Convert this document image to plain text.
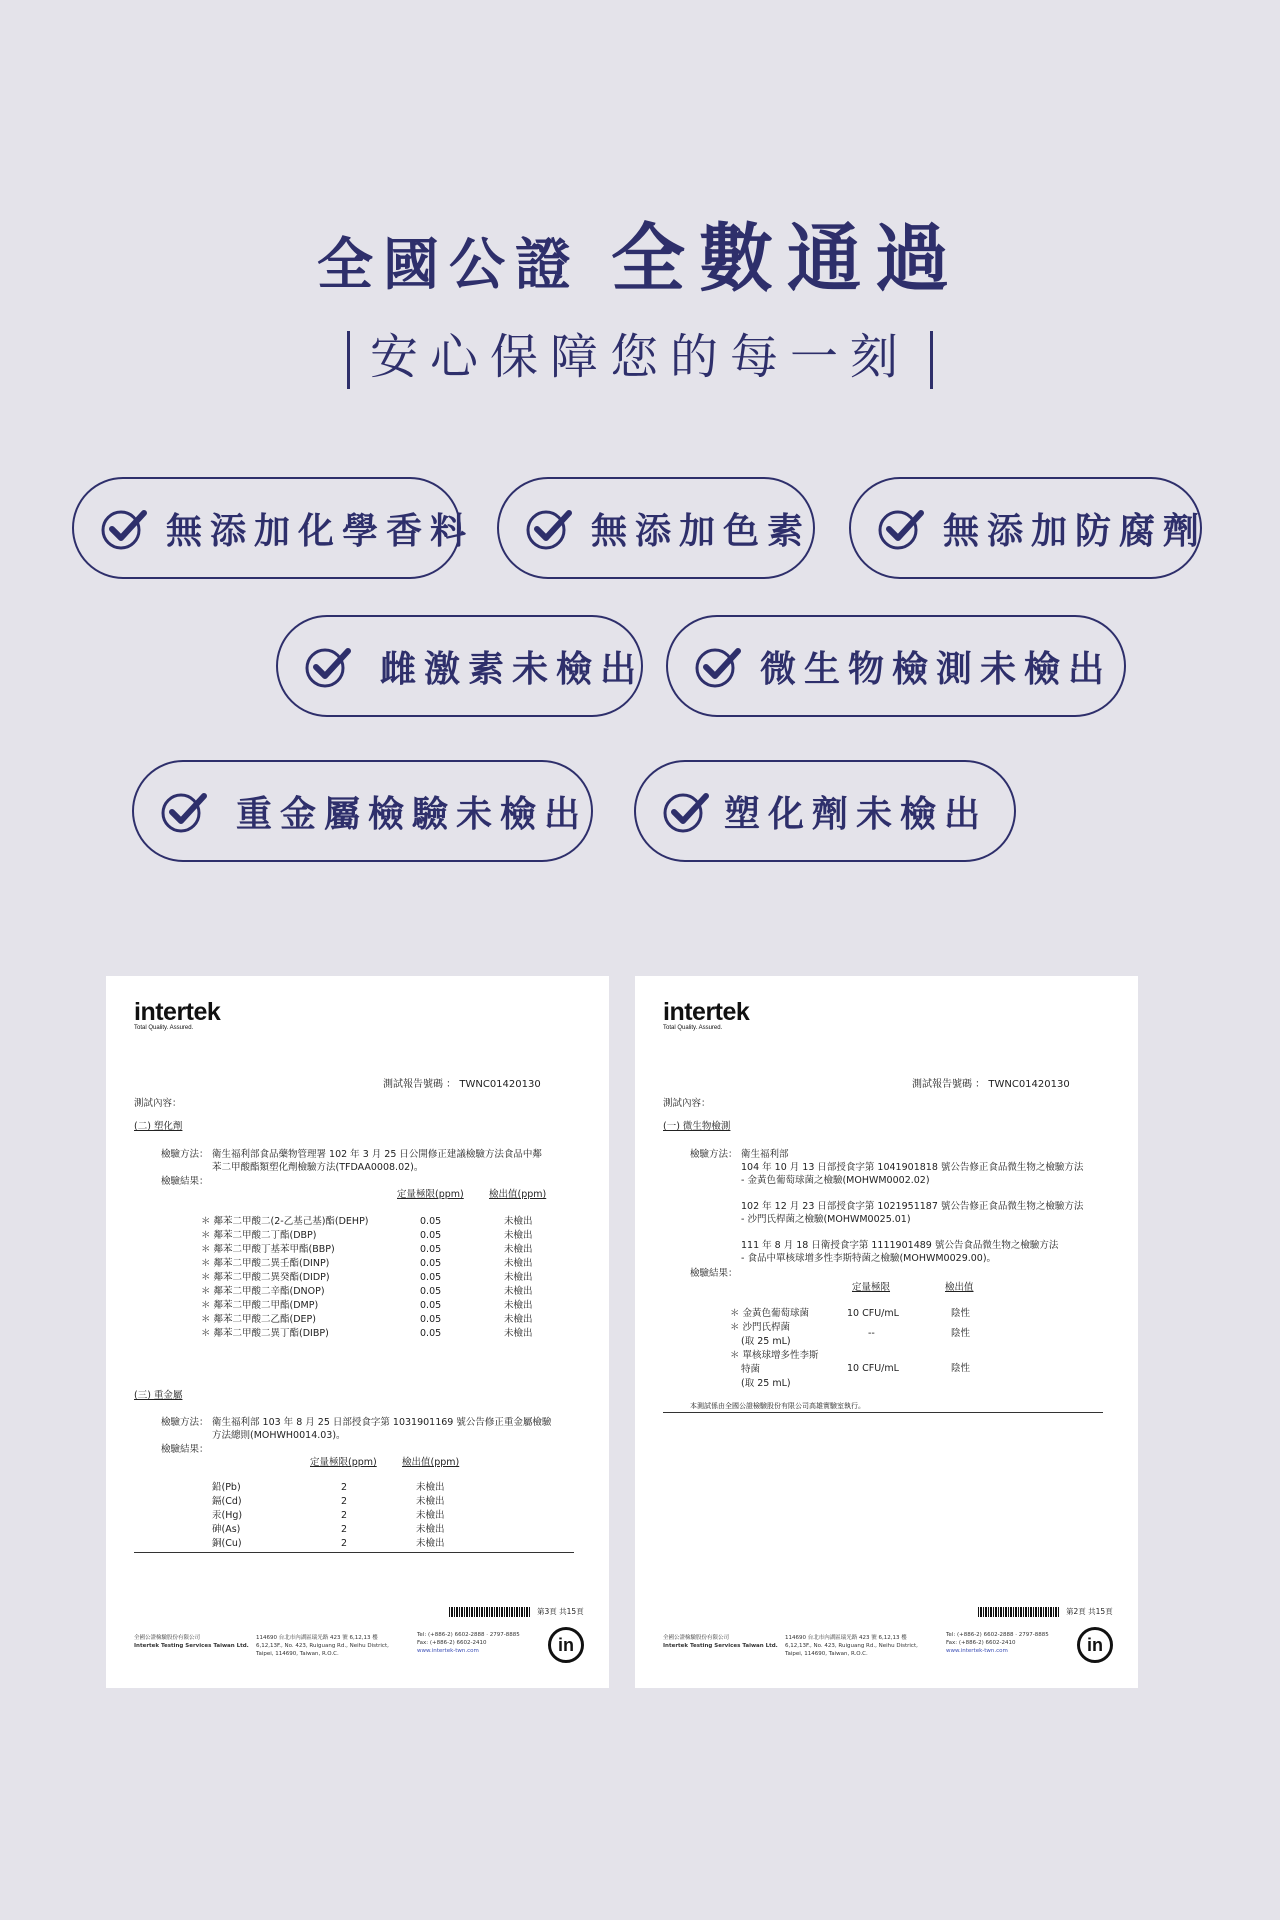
全國公證 全數通過
安心保障您的每一刻
無添加化學香料	無添加色素	無添加防腐劑
雌激素未檢出	微生物檢測未檢出
重金屬檢驗未檢出	塑化劑未檢出
intertek
Total Quality. Assured.
測試報告號碼 ： TWNC01420130
測試內容：
(二) 塑化劑
檢驗方法： 衛生福利部食品藥物管理署 102 年 3 月 25 日公開修正建議檢驗方法食品中鄰
苯二甲酸酯類塑化劑檢驗方法(TFDAA0008.02)。
檢驗結果：
定量極限(ppm)	檢出值(ppm)
＊ 鄰苯二甲酸二(2-乙基己基)酯(DEHP)	0.05	未檢出
＊ 鄰苯二甲酸二丁酯(DBP)	0.05	未檢出
＊ 鄰苯二甲酸丁基苯甲酯(BBP)	0.05	未檢出
＊ 鄰苯二甲酸二異壬酯(DINP)	0.05	未檢出
＊ 鄰苯二甲酸二異癸酯(DIDP)	0.05	未檢出
＊ 鄰苯二甲酸二辛酯(DNOP)	0.05	未檢出
＊ 鄰苯二甲酸二甲酯(DMP)	0.05	未檢出
＊ 鄰苯二甲酸二乙酯(DEP)	0.05	未檢出
＊ 鄰苯二甲酸二異丁酯(DIBP)	0.05	未檢出
(三) 重金屬
檢驗方法： 衛生福利部 103 年 8 月 25 日部授食字第 1031901169 號公告修正重金屬檢驗
方法總則(MOHWH0014.03)。
檢驗結果：
定量極限(ppm)	檢出值(ppm)
鉛(Pb)	2	未檢出
鎘(Cd)	2	未檢出
汞(Hg)	2	未檢出
砷(As)	2	未檢出
銅(Cu)	2	未檢出
第3頁 共15頁
全國公證檢驗股份有限公司
Intertek Testing Services Taiwan Ltd.
114690 台北市內湖區瑞光路 423 號 6,12,13 樓
6,12,13F., No. 423, Ruiguang Rd., Neihu District,
Taipei, 114690, Taiwan, R.O.C.
Tel: (+886-2) 6602-2888 · 2797-8885
Fax: (+886-2) 6602-2410
www.intertek-twn.com	in
intertek
Total Quality. Assured.
測試報告號碼 ： TWNC01420130
測試內容：
(一) 微生物檢測
檢驗方法： 衛生福利部
104 年 10 月 13 日部授食字第 1041901818 號公告修正食品微生物之檢驗方法
- 金黃色葡萄球菌之檢驗(MOHWM0002.02)
102 年 12 月 23 日部授食字第 1021951187 號公告修正食品微生物之檢驗方法
- 沙門氏桿菌之檢驗(MOHWM0025.01)
111 年 8 月 18 日衛授食字第 1111901489 號公告食品微生物之檢驗方法
- 食品中單核球增多性李斯特菌之檢驗(MOHWM0029.00)。
檢驗結果：
定量極限	檢出值
＊ 金黃色葡萄球菌	10 CFU/mL	陰性
＊ 沙門氏桿菌
(取 25 mL)
--	陰性
＊ 單核球增多性李斯
特菌
(取 25 mL)
10 CFU/mL	陰性
本測試係由全國公證檢驗股份有限公司高雄實驗室執行。
第2頁 共15頁
全國公證檢驗股份有限公司
Intertek Testing Services Taiwan Ltd.
114690 台北市內湖區瑞光路 423 號 6,12,13 樓
6,12,13F., No. 423, Ruiguang Rd., Neihu District,
Taipei, 114690, Taiwan, R.O.C.
Tel: (+886-2) 6602-2888 · 2797-8885
Fax: (+886-2) 6602-2410
www.intertek-twn.com	in
